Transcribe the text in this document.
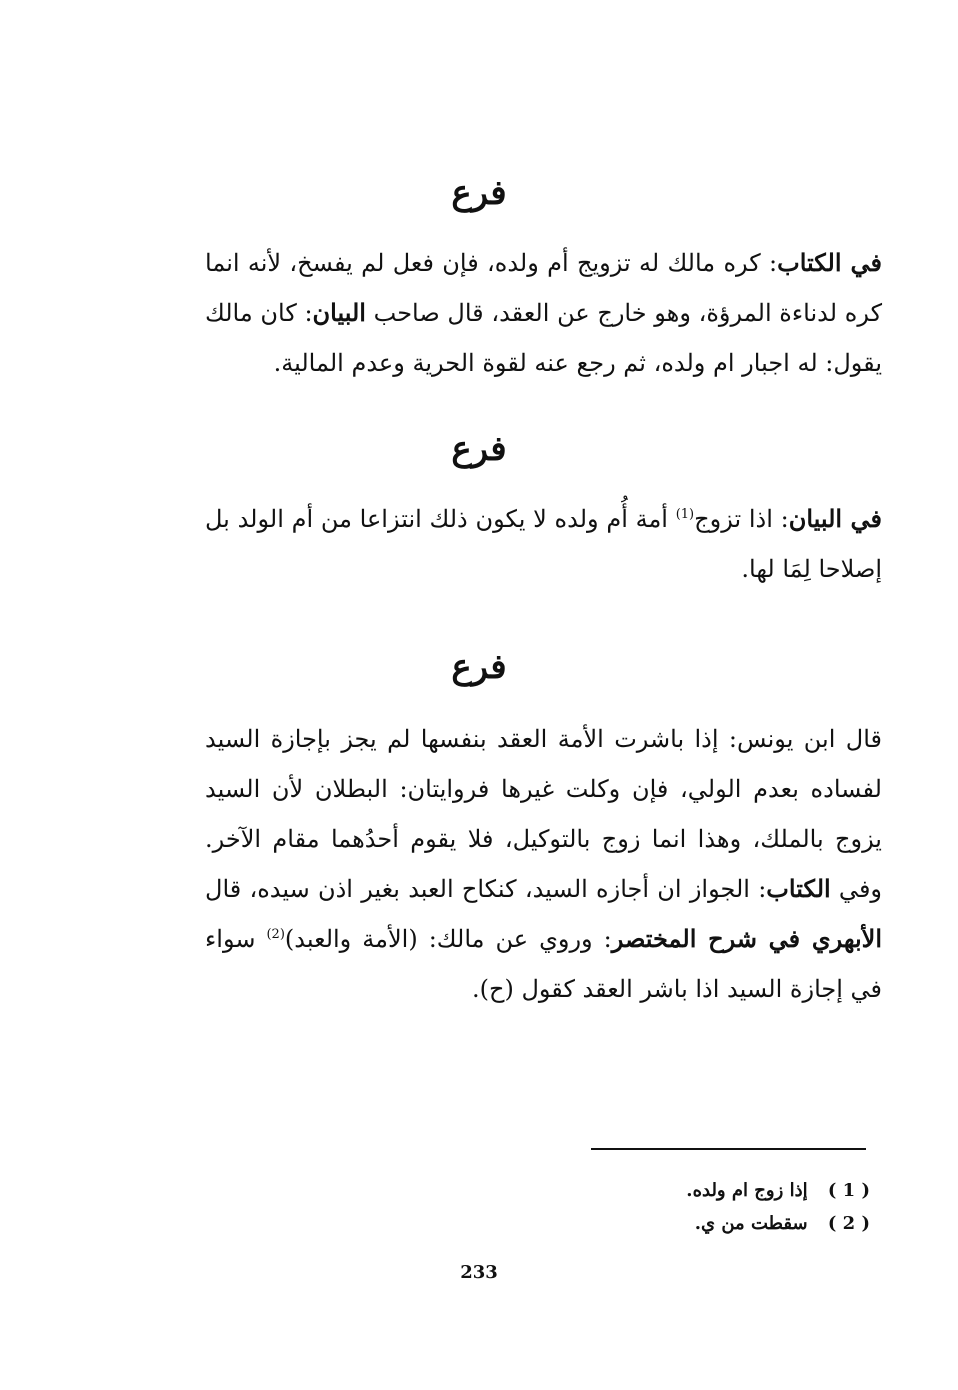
فرع
في الكتاب: كره مالك له تزويج أم ولده، فإن فعل لم يفسخ، لأنه انما كره لدناءة المرؤة، وهو خارج عن العقد، قال صاحب البيان: كان مالك يقول: له اجبار ام ولده، ثم رجع عنه لقوة الحرية وعدم المالية.
فرع
في البيان: اذا تزوج$^{(1)}$ أمة أُم ولده لا يكون ذلك انتزاعا من أم الولد بل إصلاحا لِمَا لها.
فرع
قال ابن يونس: إذا باشرت الأمة العقد بنفسها لم يجز بإجازة السيد لفساده بعدم الولي، فإن وكلت غيرها فروايتان: البطلان لأن السيد يزوج بالملك، وهذا انما زوج بالتوكيل، فلا يقوم أحدُهما مقام الآخر. وفي الكتاب: الجواز ان أجازه السيد، كنكاح العبد بغير اذن سيده، قال الأبهري في شرح المختصر: وروي عن مالك: (الأمة والعبد)$^{(2)}$ سواء في إجازة السيد اذا باشر العقد كقول (ح).
( 1 ) إذا زوج ام ولده.
( 2 ) سقطت من ي.
233
